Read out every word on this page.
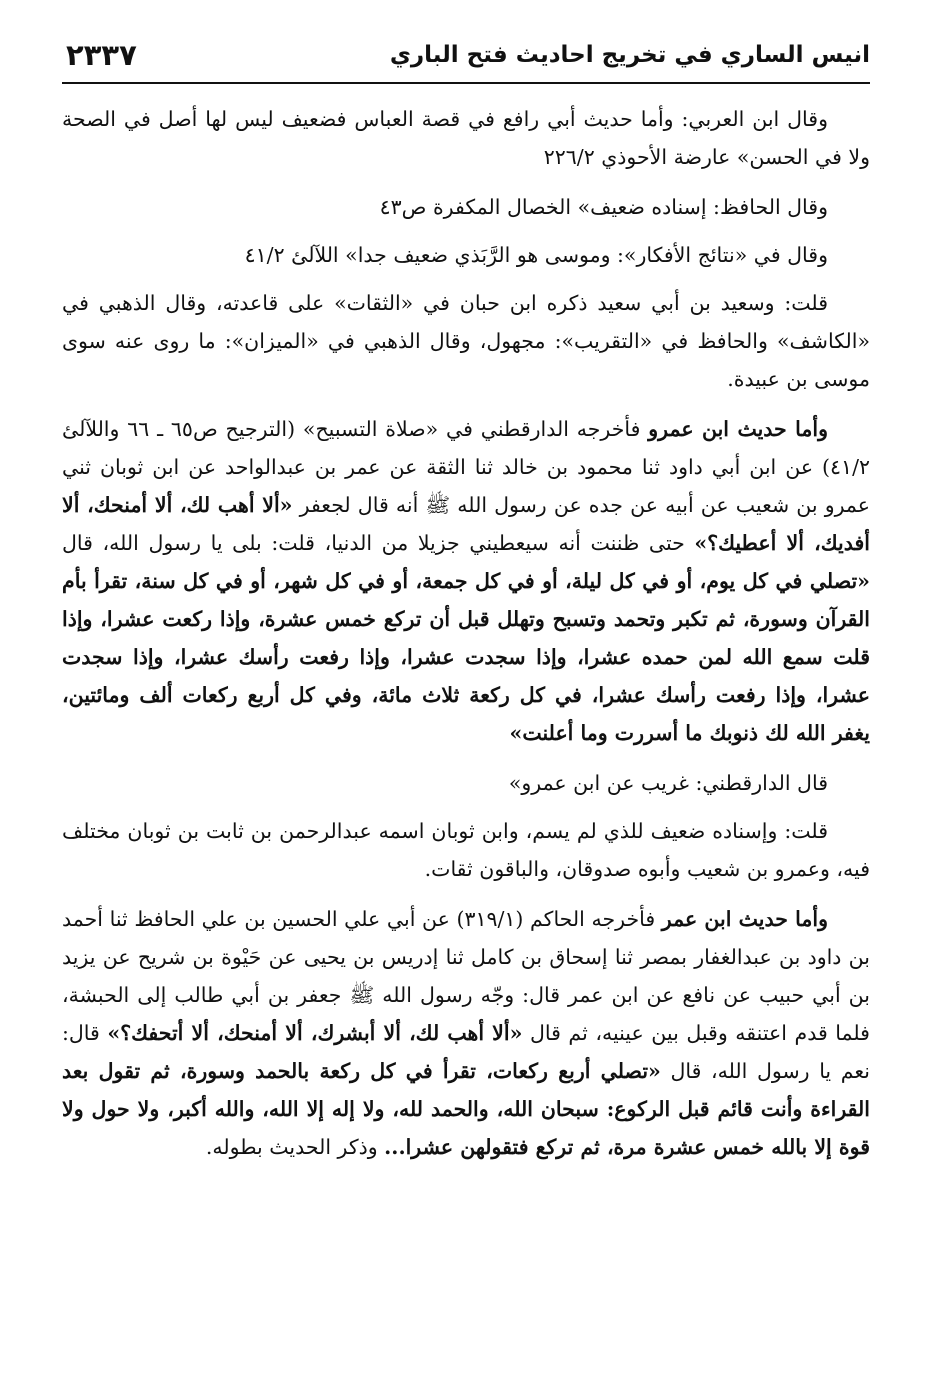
انيس الساري في تخريج احاديث فتح الباري
٢٣٣٧

وقال ابن العربي: وأما حديث أبي رافع في قصة العباس فضعيف ليس لها أصل في الصحة ولا في الحسن» عارضة الأحوذي ٢٢٦/٢

وقال الحافظ: إسناده ضعيف» الخصال المكفرة ص٤٣

وقال في «نتائج الأفكار»: وموسى هو الرَّبَذي ضعيف جدا» اللآلئ ٤١/٢

قلت: وسعيد بن أبي سعيد ذكره ابن حبان في «الثقات» على قاعدته، وقال الذهبي في «الكاشف» والحافظ في «التقريب»: مجهول، وقال الذهبي في «الميزان»: ما روى عنه سوى موسى بن عبيدة.

وأما حديث ابن عمرو فأخرجه الدارقطني في «صلاة التسبيح» (الترجيح ص٦٥ ـ ٦٦ واللآلئ ٤١/٢) عن ابن أبي داود ثنا محمود بن خالد ثنا الثقة عن عمر بن عبدالواحد عن ابن ثوبان ثني عمرو بن شعيب عن أبيه عن جده عن رسول الله ﷺ أنه قال لجعفر «ألا أهب لك، ألا أمنحك، ألا أفديك، ألا أعطيك؟» حتى ظننت أنه سيعطيني جزيلا من الدنيا، قلت: بلى يا رسول الله، قال «تصلي في كل يوم، أو في كل ليلة، أو في كل جمعة، أو في كل شهر، أو في كل سنة، تقرأ بأم القرآن وسورة، ثم تكبر وتحمد وتسبح وتهلل قبل أن تركع خمس عشرة، وإذا ركعت عشرا، وإذا قلت سمع الله لمن حمده عشرا، وإذا سجدت عشرا، وإذا رفعت رأسك عشرا، وإذا سجدت عشرا، وإذا رفعت رأسك عشرا، في كل ركعة ثلاث مائة، وفي كل أربع ركعات ألف ومائتين، يغفر الله لك ذنوبك ما أسررت وما أعلنت»

قال الدارقطني: غريب عن ابن عمرو»

قلت: وإسناده ضعيف للذي لم يسم، وابن ثوبان اسمه عبدالرحمن بن ثابت بن ثوبان مختلف فيه، وعمرو بن شعيب وأبوه صدوقان، والباقون ثقات.

وأما حديث ابن عمر فأخرجه الحاكم (٣١٩/١) عن أبي علي الحسين بن علي الحافظ ثنا أحمد بن داود بن عبدالغفار بمصر ثنا إسحاق بن كامل ثنا إدريس بن يحيى عن حَيْوة بن شريح عن يزيد بن أبي حبيب عن نافع عن ابن عمر قال: وجّه رسول الله ﷺ جعفر بن أبي طالب إلى الحبشة، فلما قدم اعتنقه وقبل بين عينيه، ثم قال «ألا أهب لك، ألا أبشرك، ألا أمنحك، ألا أتحفك؟» قال: نعم يا رسول الله، قال «تصلي أربع ركعات، تقرأ في كل ركعة بالحمد وسورة، ثم تقول بعد القراءة وأنت قائم قبل الركوع: سبحان الله، والحمد لله، ولا إله إلا الله، والله أكبر، ولا حول ولا قوة إلا بالله خمس عشرة مرة، ثم تركع فتقولهن عشرا... وذكر الحديث بطوله.
